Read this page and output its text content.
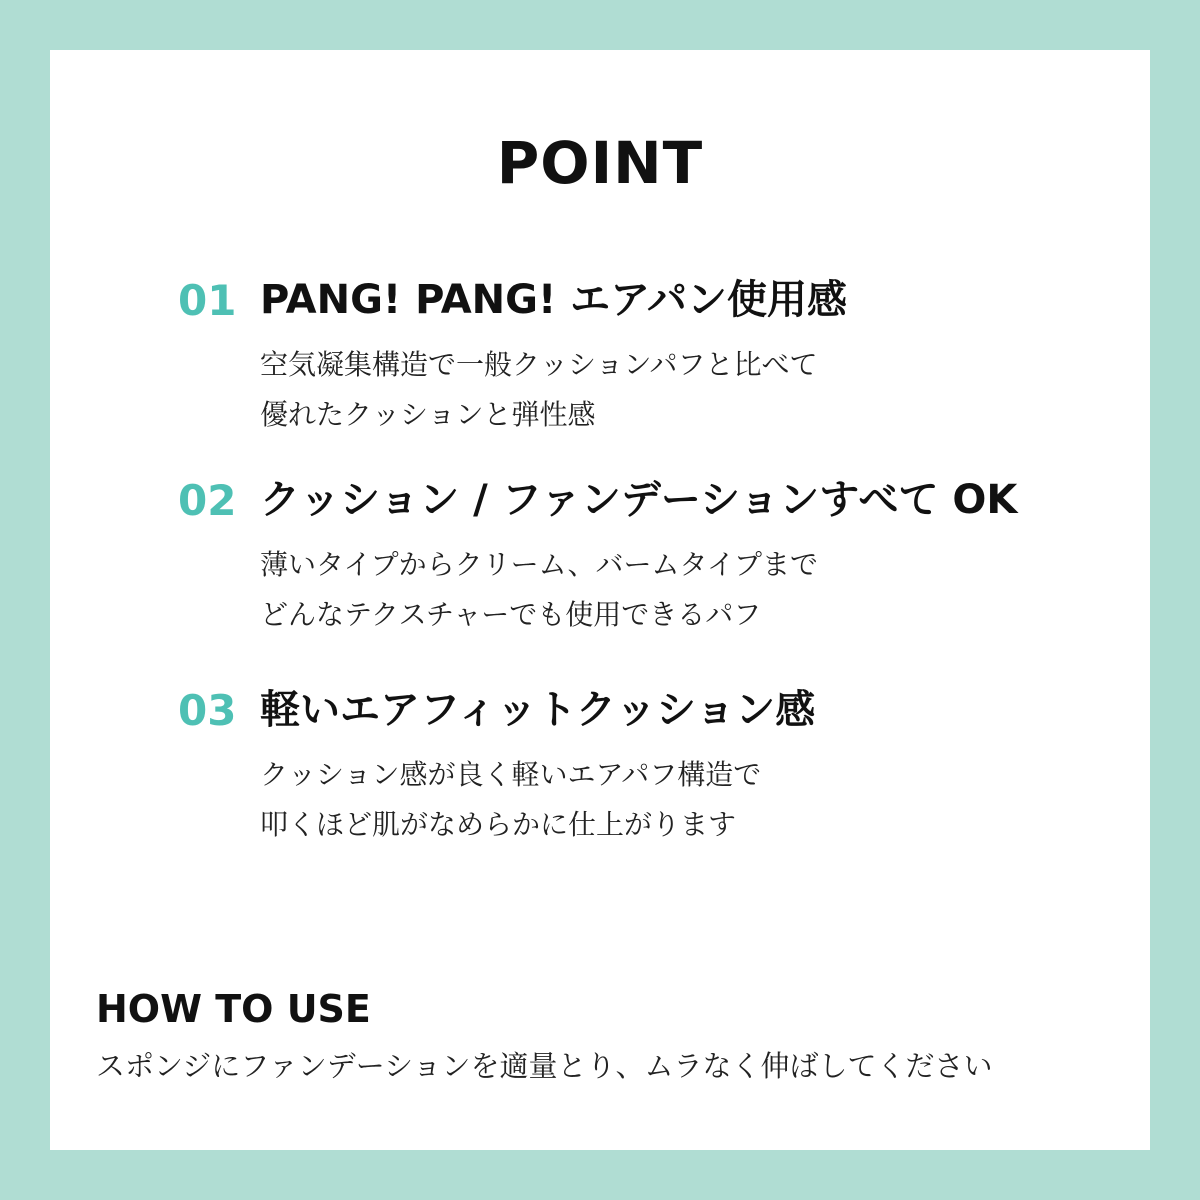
POINT
01 PANG! PANG! エアパン使用感
空気凝集構造で一般クッションパフと比べて
優れたクッションと弾性感
02 クッション / ファンデーションすべて OK
薄いタイプからクリーム、バームタイプまで
どんなテクスチャーでも使用できるパフ
03 軽いエアフィットクッション感
クッション感が良く軽いエアパフ構造で
叩くほど肌がなめらかに仕上がります
HOW TO USE
スポンジにファンデーションを適量とり、ムラなく伸ばしてください
